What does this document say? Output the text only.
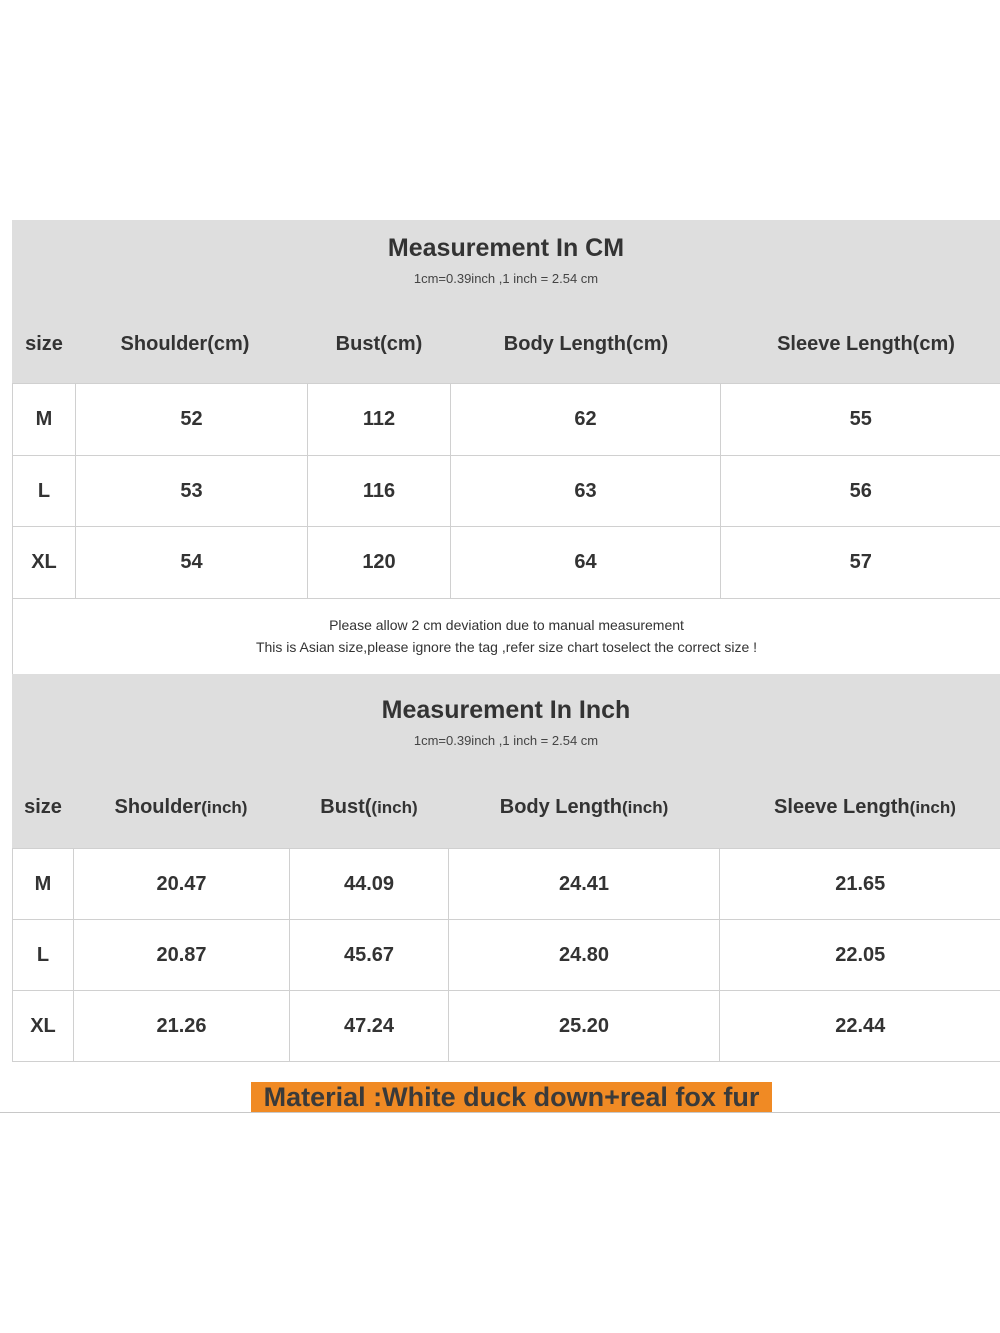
Measurement In CM
1cm=0.39inch ,1 inch = 2.54 cm
size	Shoulder(cm)	Bust(cm)	Body Length(cm)	Sleeve Length(cm)
M	52	112	62	55
L	53	116	63	56
XL	54	120	64	57
Please allow 2 cm deviation due to manual measurement
This is Asian size,please ignore the tag ,refer size chart toselect the correct size !
Measurement In Inch
1cm=0.39inch ,1 inch = 2.54 cm
size	Shoulder(inch)	Bust((inch)	Body Length(inch)	Sleeve Length(inch)
M	20.47	44.09	24.41	21.65
L	20.87	45.67	24.80	22.05
XL	21.26	47.24	25.20	22.44
Material :White duck down+real fox fur
